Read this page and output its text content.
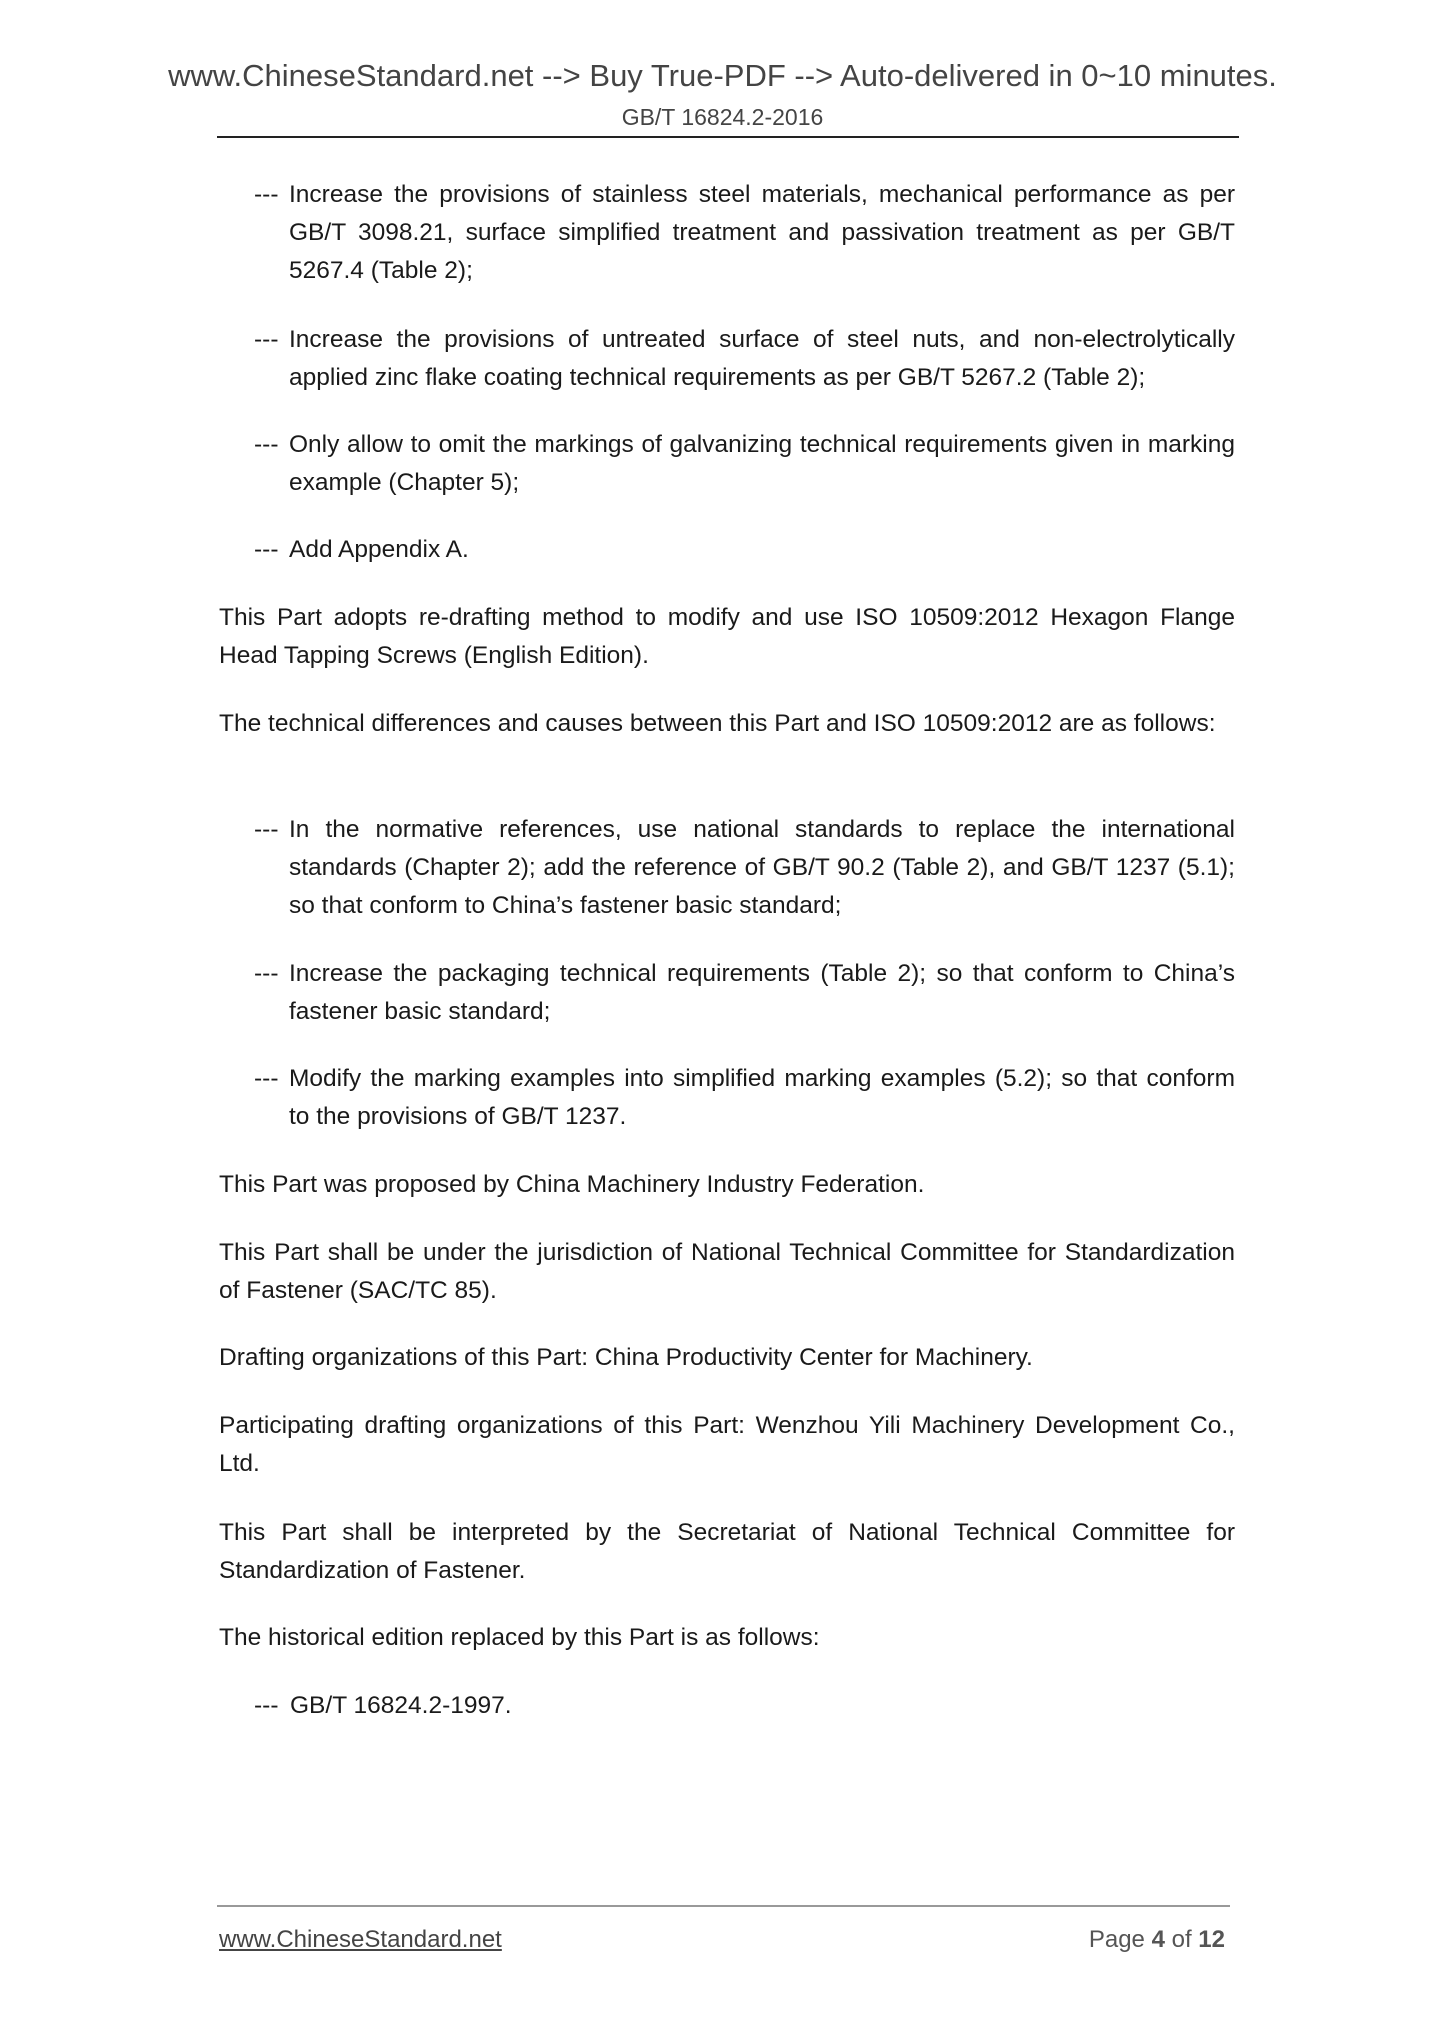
www.ChineseStandard.net --> Buy True-PDF --> Auto-delivered in 0~10 minutes.
GB/T 16824.2-2016
--- Increase the provisions of stainless steel materials, mechanical performance as per GB/T 3098.21, surface simplified treatment and passivation treatment as per GB/T 5267.4 (Table 2);
--- Increase the provisions of untreated surface of steel nuts, and non-electrolytically applied zinc flake coating technical requirements as per GB/T 5267.2 (Table 2);
--- Only allow to omit the markings of galvanizing technical requirements given in marking example (Chapter 5);
--- Add Appendix A.
This Part adopts re-drafting method to modify and use ISO 10509:2012 Hexagon Flange Head Tapping Screws (English Edition).
The technical differences and causes between this Part and ISO 10509:2012 are as follows:
--- In the normative references, use national standards to replace the international standards (Chapter 2); add the reference of GB/T 90.2 (Table 2), and GB/T 1237 (5.1); so that conform to China’s fastener basic standard;
--- Increase the packaging technical requirements (Table 2); so that conform to China’s fastener basic standard;
--- Modify the marking examples into simplified marking examples (5.2); so that conform to the provisions of GB/T 1237.
This Part was proposed by China Machinery Industry Federation.
This Part shall be under the jurisdiction of National Technical Committee for Standardization of Fastener (SAC/TC 85).
Drafting organizations of this Part: China Productivity Center for Machinery.
Participating drafting organizations of this Part: Wenzhou Yili Machinery Development Co., Ltd.
This Part shall be interpreted by the Secretariat of National Technical Committee for Standardization of Fastener.
The historical edition replaced by this Part is as follows:
--- GB/T 16824.2-1997.
www.ChineseStandard.net	Page 4 of 12
